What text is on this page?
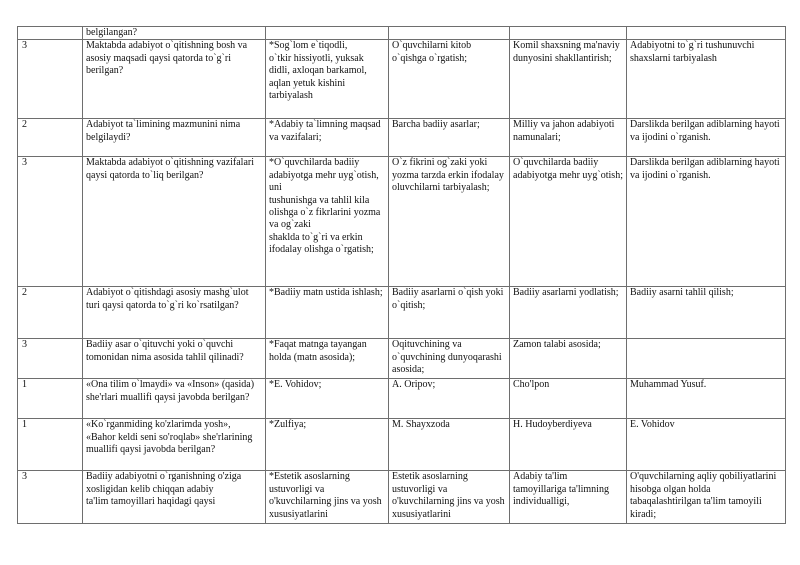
	belgilangan?				
3	Maktabda adabiyot o`qitishning bosh va asosiy maqsadi qaysi qatorda to`g`ri berilgan?	*Sog`lom e`tiqodli,
o`tkir hissiyotli, yuksak didli, axloqan barkamol,
aqlan yetuk kishini tarbiyalash	O`quvchilarni kitob o`qishga o`rgatish;	Komil shaxsning ma'naviy dunyosini shakllantirish;	Adabiyotni to`g`ri tushunuvchi shaxslarni tarbiyalash
2	Adabiyot ta`limining mazmunini nima belgilaydi?	*Adabiy ta`limning maqsad va vazifalari;	Barcha badiiy asarlar;	Milliy va jahon adabiyoti namunalari;	Darslikda berilgan adiblarning hayoti va ijodini o`rganish.
3	Maktabda adabiyot o`qitishning vazifalari qaysi qatorda to`liq berilgan?	*O`quvchilarda badiiy adabiyotga mehr uyg`otish, uni
tushunishga va tahlil kila olishga o`z fikrlarini yozma va og`zaki
shaklda to`g`ri va erkin ifodalay olishga o`rgatish;	O`z fikrini og`zaki yoki yozma tarzda erkin ifodalay
oluvchilarni tarbiyalash;	O`quvchilarda badiiy adabiyotga mehr uyg`otish;	Darslikda berilgan adiblarning hayoti va ijodini o`rganish.
2	Adabiyot o`qitishdagi asosiy mashg`ulot turi qaysi qatorda to`g`ri ko`rsatilgan?	*Badiiy matn ustida ishlash;	Badiiy asarlarni o`qish yoki o`qitish;	Badiiy asarlarni yodlatish;	Badiiy asarni tahlil qilish;
3	Badiiy asar o`qituvchi yoki o`quvchi tomonidan nima asosida tahlil qilinadi?	*Faqat matnga tayangan holda (matn asosida);	Oqituvchining va o`quvchining dunyoqarashi asosida;	Zamon talabi asosida;	
1	«Ona tilim o`lmaydi» va «Inson» (qasida) she'rlari muallifi qaysi javobda berilgan?	*E. Vohidov;	A. Oripov;	Cho'lpon	Muhammad Yusuf.
1	«Ko`rganmiding ko'zlarimda yosh», «Bahor keldi seni so'roqlab» she'rlarining muallifi qaysi javobda berilgan?	*Zulfiya;	M. Shayxzoda	H. Hudoyberdiyeva	E. Vohidov
3	Badiiy adabiyotni o`rganishning o'ziga xosligidan kelib chiqqan adabiy
ta'lim tamoyillari haqidagi qaysi	*Estetik asoslarning ustuvorligi va o'kuvchilarning jins va yosh xususiyatlarini	Estetik asoslarning ustuvorligi va o'kuvchilarning jins va yosh xususiyatlarini	Adabiy ta'lim tamoyillariga ta'limning individualligi,	O'quvchilarning aqliy qobiliyatlarini hisobga olgan holda tabaqalashtirilgan ta'lim tamoyili kiradi;
